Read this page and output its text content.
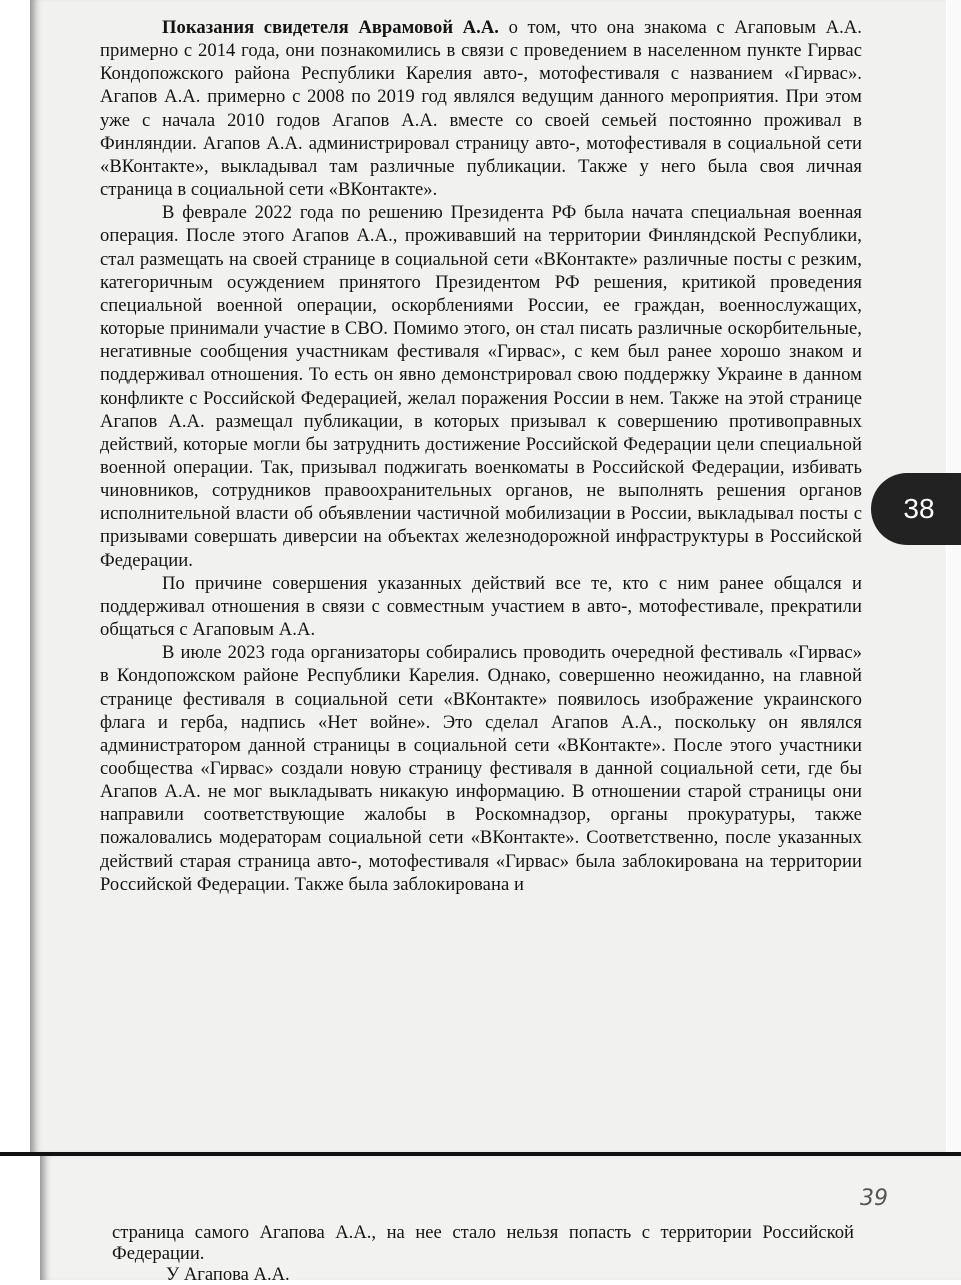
Показания свидетеля Аврамовой А.А. о том, что она знакома с Агаповым А.А. примерно с 2014 года, они познакомились в связи с проведением в населенном пункте Гирвас Кондопожского района Республики Карелия авто-, мотофестиваля с названием «Гирвас». Агапов А.А. примерно с 2008 по 2019 год являлся ведущим данного мероприятия. При этом уже с начала 2010 годов Агапов А.А. вместе со своей семьей постоянно проживал в Финляндии. Агапов А.А. администрировал страницу авто-, мотофестиваля в социальной сети «ВКонтакте», выкладывал там различные публикации. Также у него была своя личная страница в социальной сети «ВКонтакте».

В феврале 2022 года по решению Президента РФ была начата специальная военная операция. После этого Агапов А.А., проживавший на территории Финляндской Республики, стал размещать на своей странице в социальной сети «ВКонтакте» различные посты с резким, категоричным осуждением принятого Президентом РФ решения, критикой проведения специальной военной операции, оскорблениями России, ее граждан, военнослужащих, которые принимали участие в СВО. Помимо этого, он стал писать различные оскорбительные, негативные сообщения участникам фестиваля «Гирвас», с кем был ранее хорошо знаком и поддерживал отношения. То есть он явно демонстрировал свою поддержку Украине в данном конфликте с Российской Федерацией, желал поражения России в нем. Также на этой странице Агапов А.А. размещал публикации, в которых призывал к совершению противоправных действий, которые могли бы затруднить достижение Российской Федерации цели специальной военной операции. Так, призывал поджигать военкоматы в Российской Федерации, избивать чиновников, сотрудников правоохранительных органов, не выполнять решения органов исполнительной власти об объявлении частичной мобилизации в России, выкладывал посты с призывами совершать диверсии на объектах железнодорожной инфраструктуры в Российской Федерации.

По причине совершения указанных действий все те, кто с ним ранее общался и поддерживал отношения в связи с совместным участием в авто-, мотофестивале, прекратили общаться с Агаповым А.А.

В июле 2023 года организаторы собирались проводить очередной фестиваль «Гирвас» в Кондопожском районе Республики Карелия. Однако, совершенно неожиданно, на главной странице фестиваля в социальной сети «ВКонтакте» появилось изображение украинского флага и герба, надпись «Нет войне». Это сделал Агапов А.А., поскольку он являлся администратором данной страницы в социальной сети «ВКонтакте». После этого участники сообщества «Гирвас» создали новую страницу фестиваля в данной социальной сети, где бы Агапов А.А. не мог выкладывать никакую информацию. В отношении старой страницы они направили соответствующие жалобы в Роскомнадзор, органы прокуратуры, также пожаловались модераторам социальной сети «ВКонтакте». Соответственно, после указанных действий старая страница авто-, мотофестиваля «Гирвас» была заблокирована на территории Российской Федерации. Также была заблокирована и

38
39

страница самого Агапова А.А., на нее стало нельзя попасть с территории Российской Федерации.

У Агапова А.А.
